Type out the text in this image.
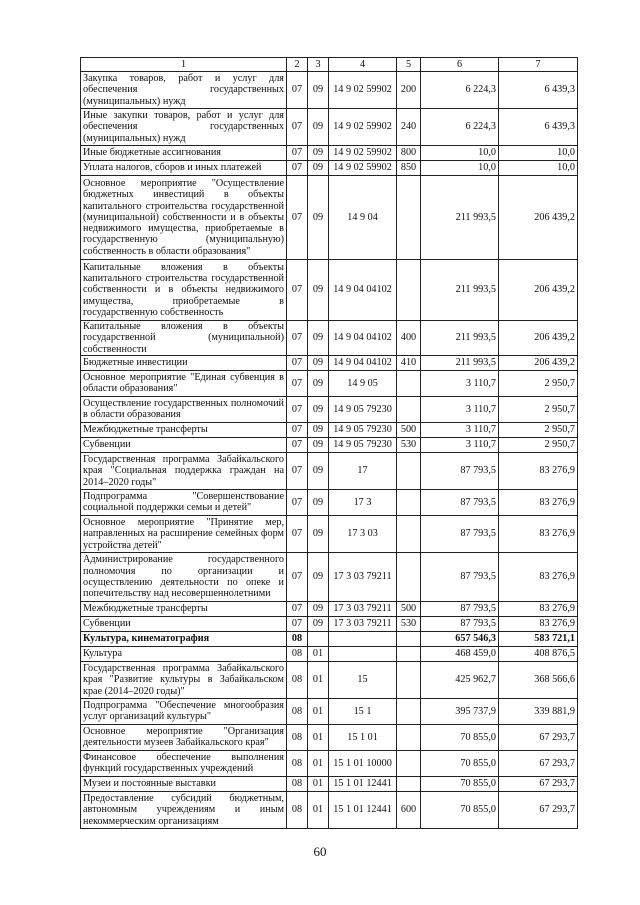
1	2	3	4	5	6	7
Закупка товаров, работ и услуг для обеспечения государственных (муниципальных) нужд	07	09	14 9 02 59902	200	6 224,3	6 439,3
Иные закупки товаров, работ и услуг для обеспечения государственных (муниципальных) нужд	07	09	14 9 02 59902	240	6 224,3	6 439,3
Иные бюджетные ассигнования	07	09	14 9 02 59902	800	10,0	10,0
Уплата налогов, сборов и иных платежей	07	09	14 9 02 59902	850	10,0	10,0
Основное мероприятие "Осуществление бюджетных инвестиций в объекты капитального строительства государственной (муниципальной) собственности и в объекты недвижимого имущества, приобретаемые в государственную (муниципальную) собственность в области образования"	07	09	14 9 04		211 993,5	206 439,2
Капитальные вложения в объекты капитального строительства государственной собственности и в объекты недвижимого имущества, приобретаемые в государственную собственность	07	09	14 9 04 04102		211 993,5	206 439,2
Капитальные вложения в объекты государственной (муниципальной) собственности	07	09	14 9 04 04102	400	211 993,5	206 439,2
Бюджетные инвестиции	07	09	14 9 04 04102	410	211 993,5	206 439,2
Основное мероприятие "Единая субвенция в области образования"	07	09	14 9 05		3 110,7	2 950,7
Осуществление государственных полномочий в области образования	07	09	14 9 05 79230		3 110,7	2 950,7
Межбюджетные трансферты	07	09	14 9 05 79230	500	3 110,7	2 950,7
Субвенции	07	09	14 9 05 79230	530	3 110,7	2 950,7
Государственная программа Забайкальского края "Социальная поддержка граждан на 2014–2020 годы"	07	09	17		87 793,5	83 276,9
Подпрограмма "Совершенствование социальной поддержки семьи и детей"	07	09	17 3		87 793,5	83 276,9
Основное мероприятие "Принятие мер, направленных на расширение семейных форм устройства детей"	07	09	17 3 03		87 793,5	83 276,9
Администрирование государственного полномочия по организации и осуществлению деятельности по опеке и попечительству над несовершеннолетними	07	09	17 3 03 79211		87 793,5	83 276,9
Межбюджетные трансферты	07	09	17 3 03 79211	500	87 793,5	83 276,9
Субвенции	07	09	17 3 03 79211	530	87 793,5	83 276,9
Культура, кинематография	08				657 546,3	583 721,1
Культура	08	01			468 459,0	408 876,5
Государственная программа Забайкальского края "Развитие культуры в Забайкальском крае (2014–2020 годы)"	08	01	15		425 962,7	368 566,6
Подпрограмма "Обеспечение многообразия услуг организаций культуры"	08	01	15 1		395 737,9	339 881,9
Основное мероприятие "Организация деятельности музеев Забайкальского края"	08	01	15 1 01		70 855,0	67 293,7
Финансовое обеспечение выполнения функций государственных учреждений	08	01	15 1 01 10000		70 855,0	67 293,7
Музеи и постоянные выставки	08	01	15 1 01 12441		70 855,0	67 293,7
Предоставление субсидий бюджетным, автономным учреждениям и иным некоммерческим организациям	08	01	15 1 01 12441	600	70 855,0	67 293,7
60
